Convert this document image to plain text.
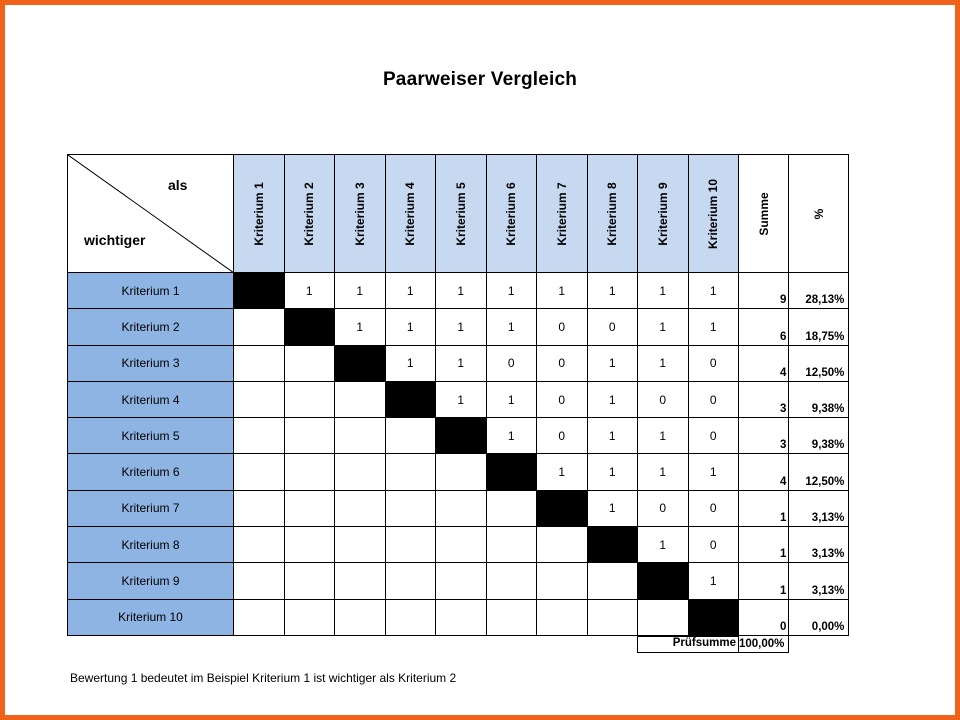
Paarweiser Vergleich
als
wichtiger	Kriterium 1	Kriterium 2	Kriterium 3	Kriterium 4	Kriterium 5	Kriterium 6	Kriterium 7	Kriterium 8	Kriterium 9	Kriterium 10	Summe	%

Kriterium 1		1	1	1	1	1	1	1	1	1	9	28,13%
Kriterium 2			1	1	1	1	0	0	1	1	6	18,75%
Kriterium 3				1	1	0	0	1	1	0	4	12,50%
Kriterium 4					1	1	0	1	0	0	3	9,38%
Kriterium 5						1	0	1	1	0	3	9,38%
Kriterium 6							1	1	1	1	4	12,50%
Kriterium 7								1	0	0	1	3,13%
Kriterium 8									1	0	1	3,13%
Kriterium 9										1	1	3,13%
Kriterium 10											0	0,00%

Prüfsumme											100,00%	
Bewertung 1 bedeutet im Beispiel Kriterium 1 ist wichtiger als Kriterium 2
